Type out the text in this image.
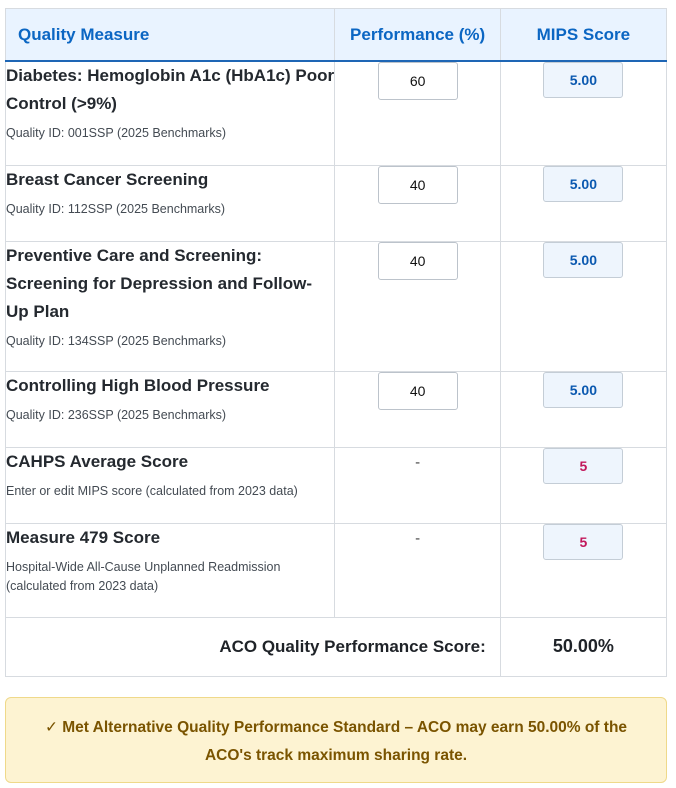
Quality Measure	Performance (%)	MIPS Score

Diabetes: Hemoglobin A1c (HbA1c) Poor Control (>9%)
Quality ID: 001SSP (2025 Benchmarks)	60	5.00

Breast Cancer Screening
Quality ID: 112SSP (2025 Benchmarks)	40	5.00

Preventive Care and Screening: Screening for Depression and Follow-Up Plan
Quality ID: 134SSP (2025 Benchmarks)	40	5.00

Controlling High Blood Pressure
Quality ID: 236SSP (2025 Benchmarks)	40	5.00

CAHPS Average Score
Enter or edit MIPS score (calculated from 2023 data)	-	5

Measure 479 Score
Hospital-Wide All-Cause Unplanned Readmission (calculated from 2023 data)	-	5
ACO Quality Performance Score:		50.00%
✓ Met Alternative Quality Performance Standard – ACO may earn 50.00% of the ACO's track maximum sharing rate.
